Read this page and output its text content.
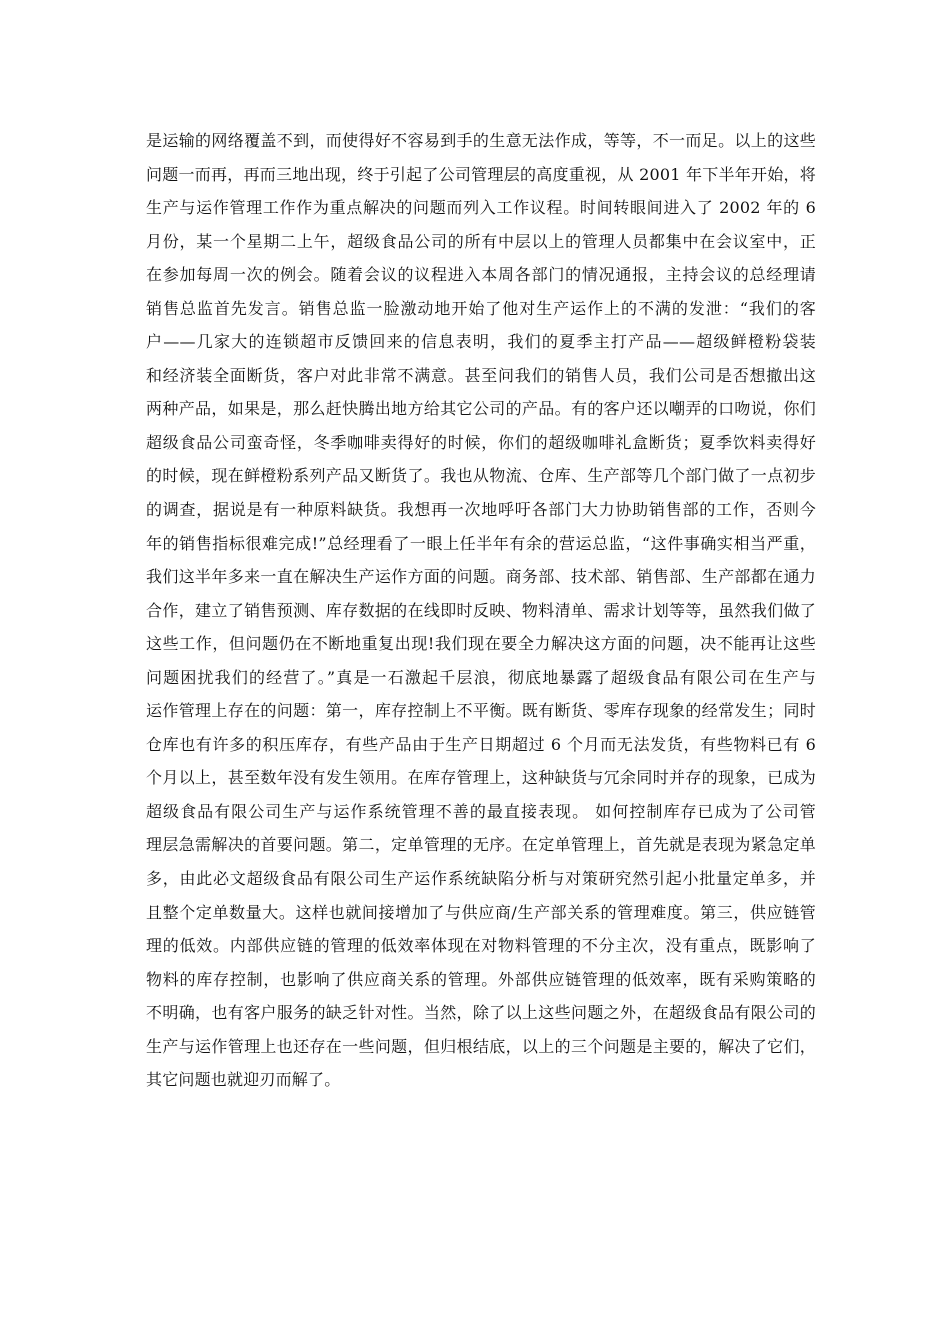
是运输的网络覆盖不到，而使得好不容易到手的生意无法作成，等等，不一而足。以上的这些
问题一而再，再而三地出现，终于引起了公司管理层的高度重视，从 2001 年下半年开始，将
生产与运作管理工作作为重点解决的问题而列入工作议程。时间转眼间进入了 2002 年的 6
月份，某一个星期二上午，超级食品公司的所有中层以上的管理人员都集中在会议室中，正
在参加每周一次的例会。随着会议的议程进入本周各部门的情况通报，主持会议的总经理请
销售总监首先发言。销售总监一脸激动地开始了他对生产运作上的不满的发泄：“我们的客
户——几家大的连锁超市反馈回来的信息表明，我们的夏季主打产品——超级鲜橙粉袋装
和经济装全面断货，客户对此非常不满意。甚至问我们的销售人员，我们公司是否想撤出这
两种产品，如果是，那么赶快腾出地方给其它公司的产品。有的客户还以嘲弄的口吻说，你们
超级食品公司蛮奇怪，冬季咖啡卖得好的时候，你们的超级咖啡礼盒断货；夏季饮料卖得好
的时候，现在鲜橙粉系列产品又断货了。我也从物流、仓库、生产部等几个部门做了一点初步
的调查，据说是有一种原料缺货。我想再一次地呼吁各部门大力协助销售部的工作，否则今
年的销售指标很难完成!”总经理看了一眼上任半年有余的营运总监，“这件事确实相当严重，
我们这半年多来一直在解决生产运作方面的问题。商务部、技术部、销售部、生产部都在通力
合作，建立了销售预测、库存数据的在线即时反映、物料清单、需求计划等等，虽然我们做了
这些工作，但问题仍在不断地重复出现!我们现在要全力解决这方面的问题，决不能再让这些
问题困扰我们的经营了。”真是一石激起千层浪，彻底地暴露了超级食品有限公司在生产与
运作管理上存在的问题：第一，库存控制上不平衡。既有断货、零库存现象的经常发生；同时
仓库也有许多的积压库存，有些产品由于生产日期超过 6 个月而无法发货，有些物料已有 6
个月以上，甚至数年没有发生领用。在库存管理上，这种缺货与冗余同时并存的现象，已成为
超级食品有限公司生产与运作系统管理不善的最直接表现。 如何控制库存已成为了公司管
理层急需解决的首要问题。第二，定单管理的无序。在定单管理上，首先就是表现为紧急定单
多，由此必文超级食品有限公司生产运作系统缺陷分析与对策研究然引起小批量定单多，并
且整个定单数量大。这样也就间接增加了与供应商/生产部关系的管理难度。第三，供应链管
理的低效。内部供应链的管理的低效率体现在对物料管理的不分主次，没有重点，既影响了
物料的库存控制，也影响了供应商关系的管理。外部供应链管理的低效率，既有采购策略的
不明确，也有客户服务的缺乏针对性。当然，除了以上这些问题之外，在超级食品有限公司的
生产与运作管理上也还存在一些问题，但归根结底，以上的三个问题是主要的，解决了它们，
其它问题也就迎刃而解了。
